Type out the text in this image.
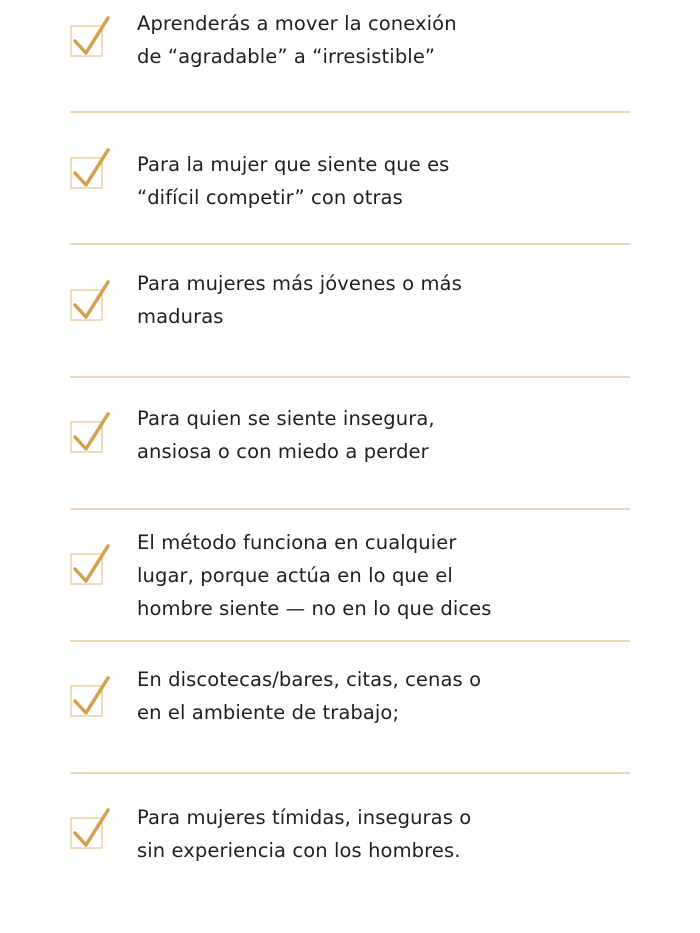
Aprenderás a mover la conexión
de “agradable” a “irresistible”
Para la mujer que siente que es
“difícil competir” con otras
Para mujeres más jóvenes o más
maduras
Para quien se siente insegura,
ansiosa o con miedo a perder
El método funciona en cualquier
lugar, porque actúa en lo que el
hombre siente — no en lo que dices
En discotecas/bares, citas, cenas o
en el ambiente de trabajo;
Para mujeres tímidas, inseguras o
sin experiencia con los hombres.
